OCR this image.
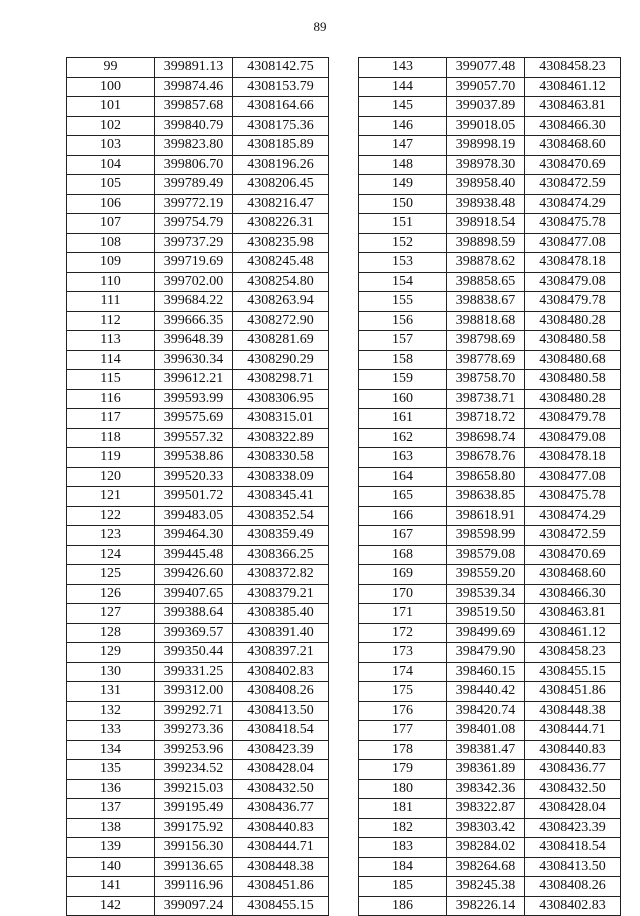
89
99	399891.13	4308142.75
100	399874.46	4308153.79
101	399857.68	4308164.66
102	399840.79	4308175.36
103	399823.80	4308185.89
104	399806.70	4308196.26
105	399789.49	4308206.45
106	399772.19	4308216.47
107	399754.79	4308226.31
108	399737.29	4308235.98
109	399719.69	4308245.48
110	399702.00	4308254.80
111	399684.22	4308263.94
112	399666.35	4308272.90
113	399648.39	4308281.69
114	399630.34	4308290.29
115	399612.21	4308298.71
116	399593.99	4308306.95
117	399575.69	4308315.01
118	399557.32	4308322.89
119	399538.86	4308330.58
120	399520.33	4308338.09
121	399501.72	4308345.41
122	399483.05	4308352.54
123	399464.30	4308359.49
124	399445.48	4308366.25
125	399426.60	4308372.82
126	399407.65	4308379.21
127	399388.64	4308385.40
128	399369.57	4308391.40
129	399350.44	4308397.21
130	399331.25	4308402.83
131	399312.00	4308408.26
132	399292.71	4308413.50
133	399273.36	4308418.54
134	399253.96	4308423.39
135	399234.52	4308428.04
136	399215.03	4308432.50
137	399195.49	4308436.77
138	399175.92	4308440.83
139	399156.30	4308444.71
140	399136.65	4308448.38
141	399116.96	4308451.86
142	399097.24	4308455.15
143	399077.48	4308458.23
144	399057.70	4308461.12
145	399037.89	4308463.81
146	399018.05	4308466.30
147	398998.19	4308468.60
148	398978.30	4308470.69
149	398958.40	4308472.59
150	398938.48	4308474.29
151	398918.54	4308475.78
152	398898.59	4308477.08
153	398878.62	4308478.18
154	398858.65	4308479.08
155	398838.67	4308479.78
156	398818.68	4308480.28
157	398798.69	4308480.58
158	398778.69	4308480.68
159	398758.70	4308480.58
160	398738.71	4308480.28
161	398718.72	4308479.78
162	398698.74	4308479.08
163	398678.76	4308478.18
164	398658.80	4308477.08
165	398638.85	4308475.78
166	398618.91	4308474.29
167	398598.99	4308472.59
168	398579.08	4308470.69
169	398559.20	4308468.60
170	398539.34	4308466.30
171	398519.50	4308463.81
172	398499.69	4308461.12
173	398479.90	4308458.23
174	398460.15	4308455.15
175	398440.42	4308451.86
176	398420.74	4308448.38
177	398401.08	4308444.71
178	398381.47	4308440.83
179	398361.89	4308436.77
180	398342.36	4308432.50
181	398322.87	4308428.04
182	398303.42	4308423.39
183	398284.02	4308418.54
184	398264.68	4308413.50
185	398245.38	4308408.26
186	398226.14	4308402.83
